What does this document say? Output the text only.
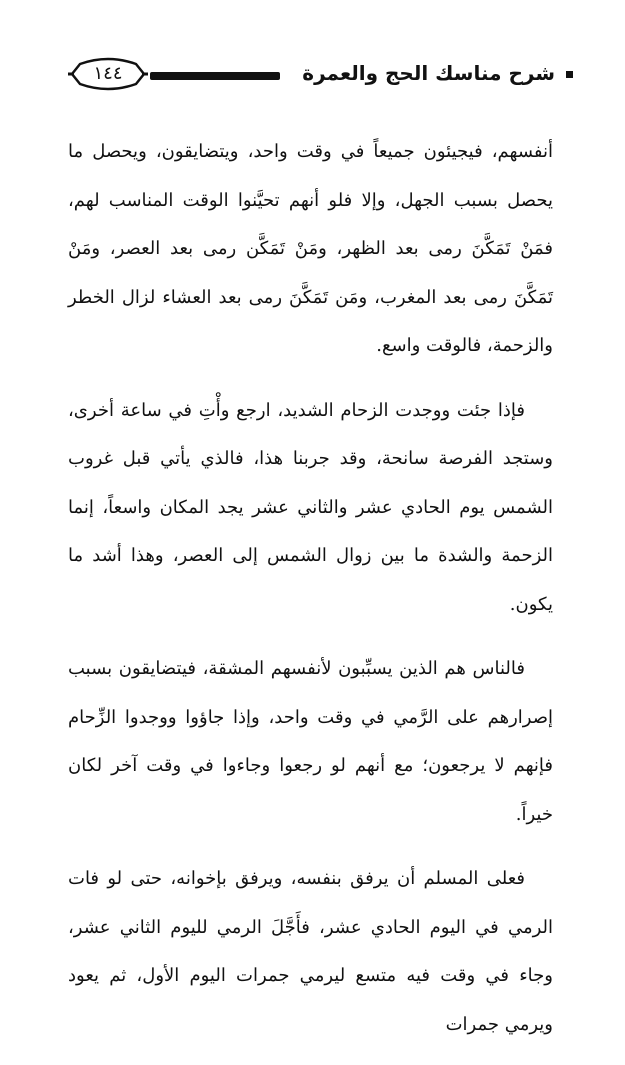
شرح مناسك الحج والعمرة
١٤٤

أنفسهم، فيجيئون جميعاً في وقت واحد، ويتضايقون، ويحصل ما يحصل بسبب الجهل، وإلا فلو أنهم تحيَّنوا الوقت المناسب لهم، فمَنْ تَمَكَّنَ رمى بعد الظهر، ومَنْ تَمَكَّن رمى بعد العصر، ومَنْ تَمَكَّنَ رمى بعد المغرب، ومَن تَمَكَّنَ رمى بعد العشاء لزال الخطر والزحمة، فالوقت واسع.

فإذا جئت ووجدت الزحام الشديد، ارجع وأْتِ في ساعة أخرى، وستجد الفرصة سانحة، وقد جربنا هذا، فالذي يأتي قبل غروب الشمس يوم الحادي عشر والثاني عشر يجد المكان واسعاً، إنما الزحمة والشدة ما بين زوال الشمس إلى العصر، وهذا أشد ما يكون.

فالناس هم الذين يسبِّبون لأنفسهم المشقة، فيتضايقون بسبب إصرارهم على الرَّمي في وقت واحد، وإذا جاؤوا ووجدوا الزِّحام فإنهم لا يرجعون؛ مع أنهم لو رجعوا وجاءوا في وقت آخر لكان خيراً.

فعلى المسلم أن يرفق بنفسه، ويرفق بإخوانه، حتى لو فات الرمي في اليوم الحادي عشر، فأَجَّلَ الرمي لليوم الثاني عشر، وجاء في وقت فيه متسع ليرمي جمرات اليوم الأول، ثم يعود ويرمي جمرات
